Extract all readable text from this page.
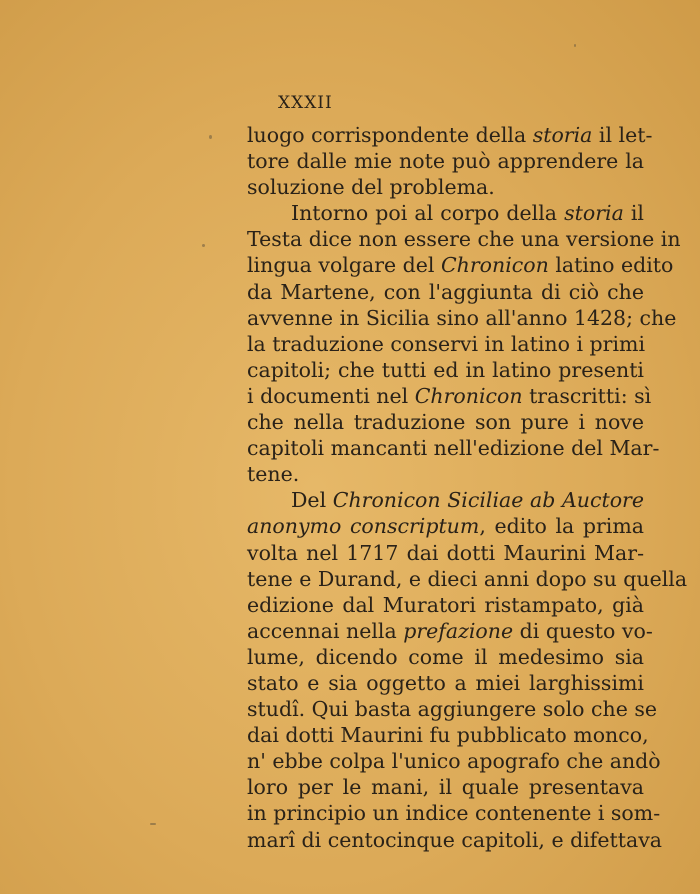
XXXII
luogo corrispondente della storia il let-
tore dalle mie note può apprendere la
soluzione del problema.
Intorno poi al corpo della storia il
Testa dice non essere che una versione in
lingua volgare del Chronicon latino edito
da Martene, con l'aggiunta di ciò che
avvenne in Sicilia sino all'anno 1428; che
la traduzione conservi in latino i primi
capitoli; che tutti ed in latino presenti
i documenti nel Chronicon trascritti: sì
che nella traduzione son pure i nove
capitoli mancanti nell'edizione del Mar-
tene.
Del Chronicon Siciliae ab Auctore
anonymo conscriptum, edito la prima
volta nel 1717 dai dotti Maurini Mar-
tene e Durand, e dieci anni dopo su quella
edizione dal Muratori ristampato, già
accennai nella prefazione di questo vo-
lume, dicendo come il medesimo sia
stato e sia oggetto a miei larghissimi
studî. Qui basta aggiungere solo che se
dai dotti Maurini fu pubblicato monco,
n' ebbe colpa l'unico apografo che andò
loro per le mani, il quale presentava
in principio un indice contenente i som-
marî di centocinque capitoli, e difettava
